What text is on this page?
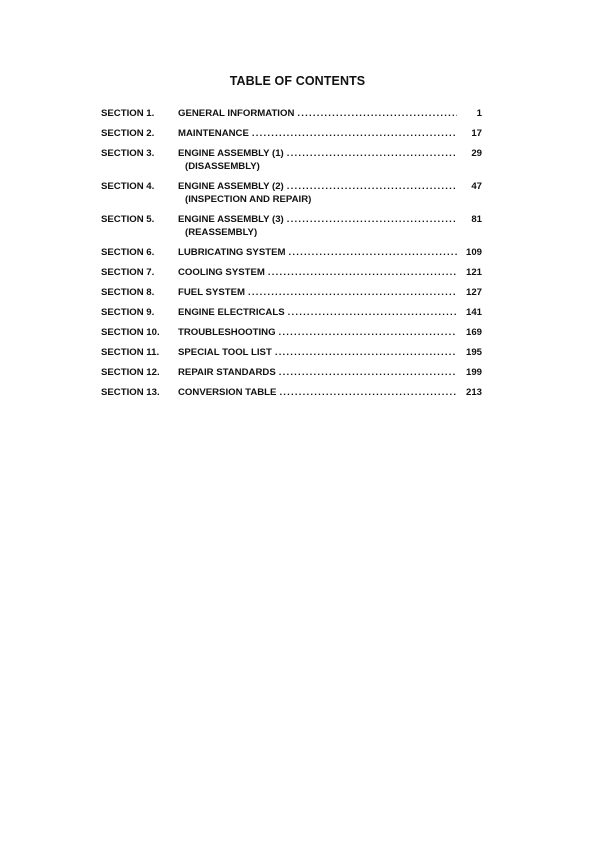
TABLE OF CONTENTS
SECTION 1.	GENERAL INFORMATION .....	1
SECTION 2.	MAINTENANCE .....	17
SECTION 3.	ENGINE ASSEMBLY (1) .....	29
(DISASSEMBLY)
SECTION 4.	ENGINE ASSEMBLY (2) .....	47
(INSPECTION AND REPAIR)
SECTION 5.	ENGINE ASSEMBLY (3) .....	81
(REASSEMBLY)
SECTION 6.	LUBRICATING SYSTEM .....	109
SECTION 7.	COOLING SYSTEM .....	121
SECTION 8.	FUEL SYSTEM .....	127
SECTION 9.	ENGINE ELECTRICALS .....	141
SECTION 10.	TROUBLESHOOTING .....	169
SECTION 11.	SPECIAL TOOL LIST .....	195
SECTION 12.	REPAIR STANDARDS .....	199
SECTION 13.	CONVERSION TABLE .....	213
